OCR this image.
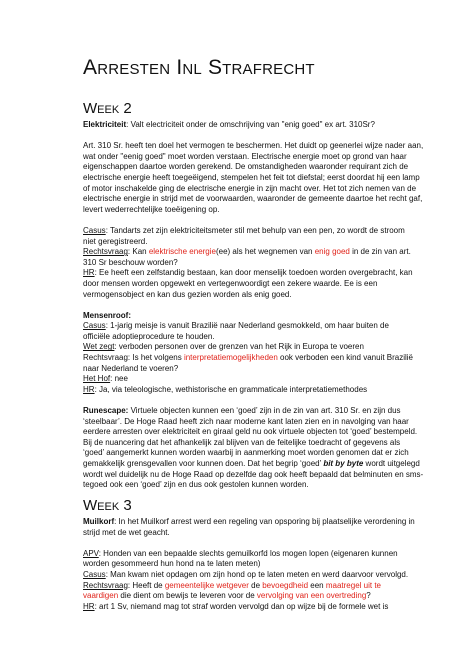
Arresten Inl Strafrecht
Week 2

Elektriciteit: Valt electriciteit onder de omschrijving van "enig goed" ex art. 310Sr?

Art. 310 Sr. heeft ten doel het vermogen te beschermen. Het duidt op geenerlei wijze nader aan,
wat onder "eenig goed" moet worden verstaan. Electrische energie moet op grond van haar
eigenschappen daartoe worden gerekend. De omstandigheden waaronder requirant zich de
electrische energie heeft toegeëigend, stempelen het feit tot diefstal; eerst doordat hij een lamp
of motor inschakelde ging de electrische energie in zijn macht over. Het tot zich nemen van de
electrische energie in strijd met de voorwaarden, waaronder de gemeente daartoe het recht gaf,
levert wederrechtelijke toeëigening op.

Casus: Tandarts zet zijn elektriciteitsmeter stil met behulp van een pen, zo wordt de stroom
niet geregistreerd.
Rechtsvraag: Kan elektrische energie(ee) als het wegnemen van enig goed in de zin van art.
310 Sr beschouw worden?
HR: Ee heeft een zelfstandig bestaan, kan door menselijk toedoen worden overgebracht, kan
door mensen worden opgewekt en vertegenwoordigt een zekere waarde. Ee is een
vermogensobject en kan dus gezien worden als enig goed.

Mensenroof:
Casus: 1-jarig meisje is vanuit Brazilië naar Nederland gesmokkeld, om haar buiten de
officiële adoptieprocedure te houden.
Wet zegt: verboden personen over de grenzen van het Rijk in Europa te voeren
Rechtsvraag: Is het volgens interpretatiemogelijkheden ook verboden een kind vanuit Brazilië
naar Nederland te voeren?
Het Hof: nee
HR: Ja, via teleologische, wethistorische en grammaticale interpretatiemethodes

Runescape: Virtuele objecten kunnen een ‘goed’ zijn in de zin van art. 310 Sr. en zijn dus
‘steelbaar’. De Hoge Raad heeft zich naar moderne kant laten zien en in navolging van haar
eerdere arresten over elektriciteit en giraal geld nu ook virtuele objecten tot ‘goed’ bestempeld.
Bij de nuancering dat het afhankelijk zal blijven van de feitelijke toedracht of gegevens als
‘goed’ aangemerkt kunnen worden waarbij in aanmerking moet worden genomen dat er zich
gemakkelijk grensgevallen voor kunnen doen. Dat het begrip ‘goed’ bit by byte wordt uitgelegd
wordt wel duidelijk nu de Hoge Raad op dezelfde dag ook heeft bepaald dat belminuten en sms-
tegoed ook een ‘goed’ zijn en dus ook gestolen kunnen worden.

Week 3

Muilkorf: In het Muilkorf arrest werd een regeling van opsporing bij plaatselijke verordening in
strijd met de wet geacht.

APV: Honden van een bepaalde slechts gemuilkorfd los mogen lopen (eigenaren kunnen
worden gesommeerd hun hond na te laten meten)
Casus: Man kwam niet opdagen om zijn hond op te laten meten en werd daarvoor vervolgd.
Rechtsvraag: Heeft de gemeentelijke wetgever de bevoegdheid een maatregel uit te
vaardigen die dient om bewijs te leveren voor de vervolging van een overtreding?
HR: art 1 Sv, niemand mag tot straf worden vervolgd dan op wijze bij de formele wet is
